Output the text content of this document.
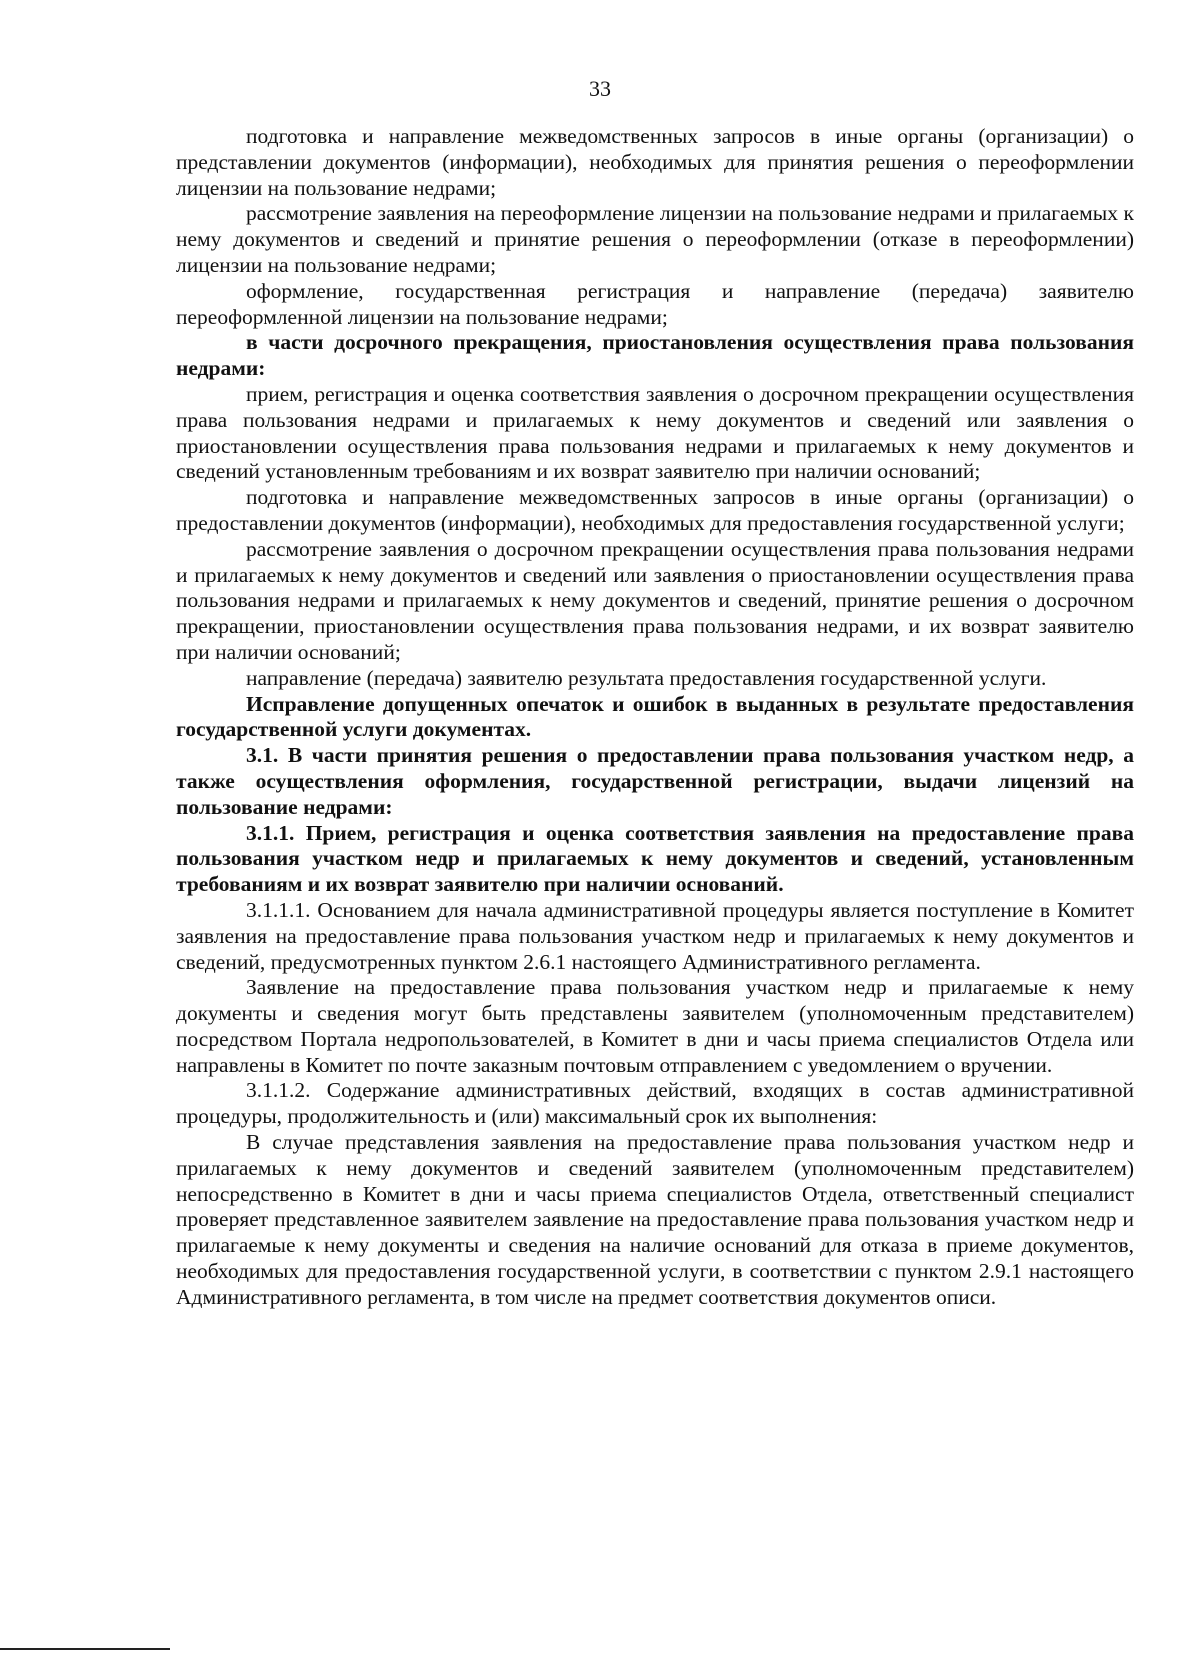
33

подготовка и направление межведомственных запросов в иные органы (организации) о представлении документов (информации), необходимых для принятия решения о переоформлении лицензии на пользование недрами;

рассмотрение заявления на переоформление лицензии на пользование недрами и прилагаемых к нему документов и сведений и принятие решения о переоформлении (отказе в переоформлении) лицензии на пользование недрами;

оформление, государственная регистрация и направление (передача) заявителю переоформленной лицензии на пользование недрами;

в части досрочного прекращения, приостановления осуществления права пользования недрами:

прием, регистрация и оценка соответствия заявления о досрочном прекращении осуществления права пользования недрами и прилагаемых к нему документов и сведений или заявления о приостановлении осуществления права пользования недрами и прилагаемых к нему документов и сведений установленным требованиям и их возврат заявителю при наличии оснований;

подготовка и направление межведомственных запросов в иные органы (организации) о предоставлении документов (информации), необходимых для предоставления государственной услуги;

рассмотрение заявления о досрочном прекращении осуществления права пользования недрами и прилагаемых к нему документов и сведений или заявления о приостановлении осуществления права пользования недрами и прилагаемых к нему документов и сведений, принятие решения о досрочном прекращении, приостановлении осуществления права пользования недрами, и их возврат заявителю при наличии оснований;

направление (передача) заявителю результата предоставления государственной услуги.

Исправление допущенных опечаток и ошибок в выданных в результате предоставления государственной услуги документах.

3.1. В части принятия решения о предоставлении права пользования участком недр, а также осуществления оформления, государственной регистрации, выдачи лицензий на пользование недрами:

3.1.1. Прием, регистрация и оценка соответствия заявления на предоставление права пользования участком недр и прилагаемых к нему документов и сведений, установленным требованиям и их возврат заявителю при наличии оснований.

3.1.1.1. Основанием для начала административной процедуры является поступление в Комитет заявления на предоставление права пользования участком недр и прилагаемых к нему документов и сведений, предусмотренных пунктом 2.6.1 настоящего Административного регламента.

Заявление на предоставление права пользования участком недр и прилагаемые к нему документы и сведения могут быть представлены заявителем (уполномоченным представителем) посредством Портала недропользователей, в Комитет в дни и часы приема специалистов Отдела или направлены в Комитет по почте заказным почтовым отправлением с уведомлением о вручении.

3.1.1.2. Содержание административных действий, входящих в состав административной процедуры, продолжительность и (или) максимальный срок их выполнения:

В случае представления заявления на предоставление права пользования участком недр и прилагаемых к нему документов и сведений заявителем (уполномоченным представителем) непосредственно в Комитет в дни и часы приема специалистов Отдела, ответственный специалист проверяет представленное заявителем заявление на предоставление права пользования участком недр и прилагаемые к нему документы и сведения на наличие оснований для отказа в приеме документов, необходимых для предоставления государственной услуги, в соответствии с пунктом 2.9.1 настоящего Административного регламента, в том числе на предмет соответствия документов описи.
